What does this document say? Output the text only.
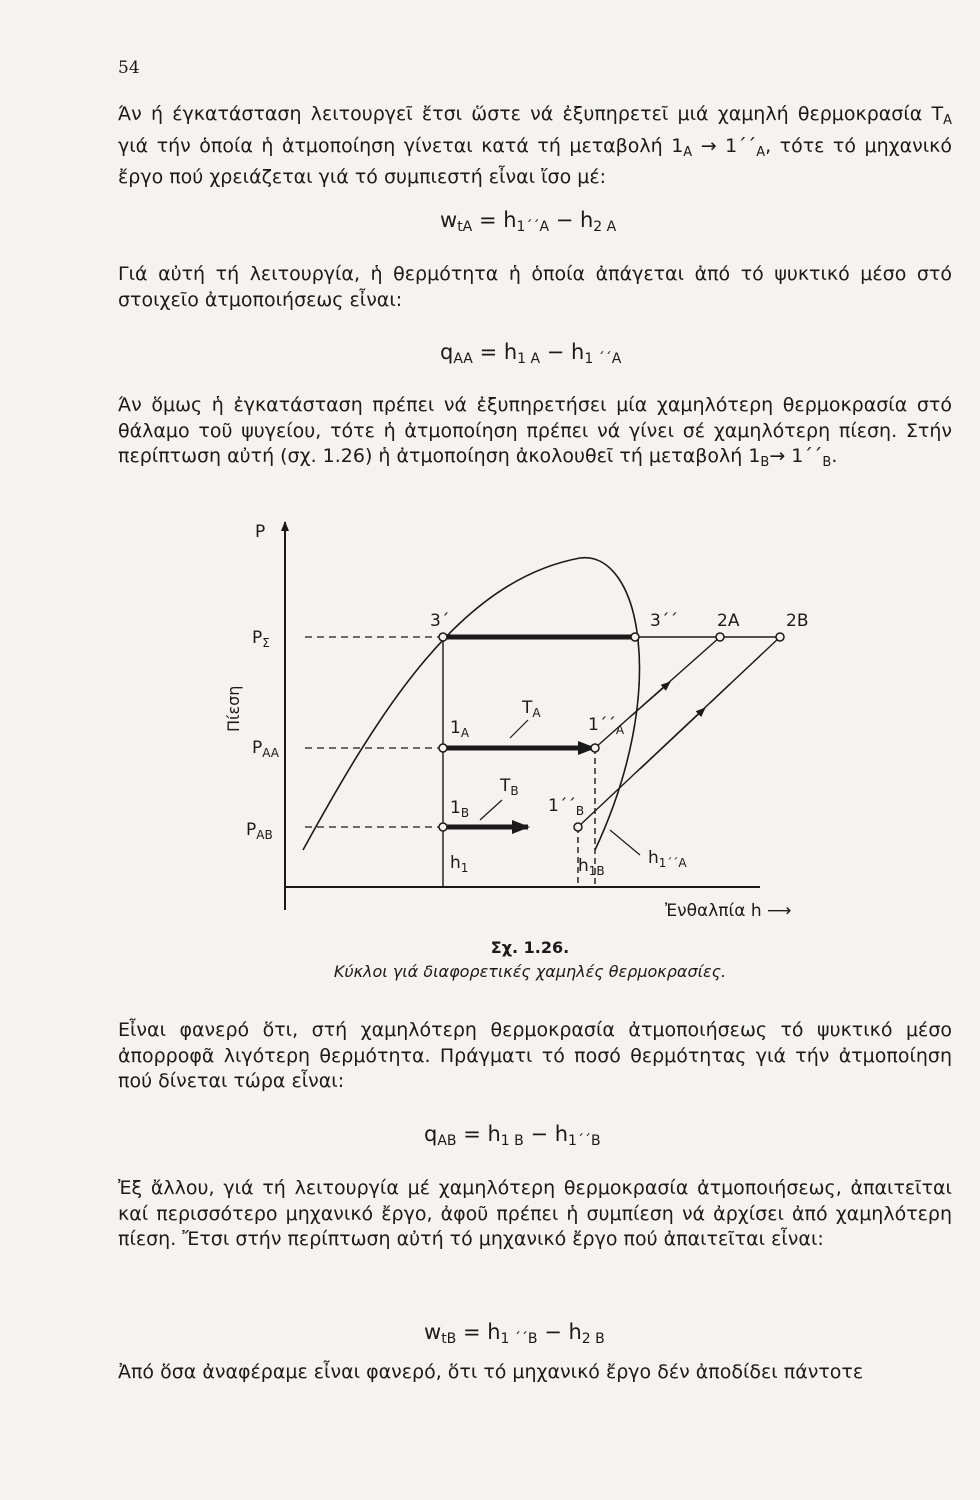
54

Άν ή έγκατάσταση λειτουργεῖ ἔτσι ὥστε νά ἐξυπηρετεῖ μιά χαμηλή θερμοκρασία $T_A$ γιά τήν ὁποία ἡ ἀτμοποίηση γίνεται κατά τή μεταβολή $1_A \to 1΄΄_A$, τότε τό μηχανικό ἔργο πού χρειάζεται γιά τό συμπιεστή εἶναι ἴσο μέ:

$w_{tA} = h_{1΄΄A} - h_{2 A}$

Γιά αὐτή τή λειτουργία, ἡ θερμότητα ἡ ὁποία ἀπάγεται ἀπό τό ψυκτικό μέσο στό στοιχεῖο ἀτμοποιήσεως εἶναι:

$q_{AA} = h_{1 A} - h_{1 ΄΄A}$

Άν ὅμως ἡ ἐγκατάσταση πρέπει νά ἐξυπηρετήσει μία χαμηλότερη θερμοκρασία στό θάλαμο τοῦ ψυγείου, τότε ἡ ἀτμοποίηση πρέπει νά γίνει σέ χαμηλότερη πίεση. Στήν περίπτωση αὐτή (σχ. 1.26) ἡ ἀτμοποίηση ἀκολουθεῖ τή μεταβολή $1_B\to 1΄΄_B$.

P
Πίεση
$P_\Sigma$
$P_{AA}$
$P_{AB}$
3΄	3΄΄ 2A	2B
$1_A$	$1΄΄_A$
$1_B$	$1΄΄_B$
$T_A$
$T_B$
$h_1$	$h_{1B}$
$h_{1΄΄A}$
Ἐνθαλπία h ⟶

Σχ. 1.26.

Κύκλοι γιά διαφορετικές χαμηλές θερμοκρασίες.

Εἶναι φανερό ὅτι, στή χαμηλότερη θερμοκρασία ἀτμοποιήσεως τό ψυκτικό μέσο ἀπορροφᾶ λιγότερη θερμότητα. Πράγματι τό ποσό θερμότητας γιά τήν ἀτμοποίηση πού δίνεται τώρα εἶναι:

$q_{AB} = h_{1 B} - h_{1΄΄B}$

Ἐξ ἄλλου, γιά τή λειτουργία μέ χαμηλότερη θερμοκρασία ἀτμοποιήσεως, ἀπαιτεῖται καί περισσότερο μηχανικό ἔργο, ἀφοῦ πρέπει ἡ συμπίεση νά ἀρχίσει ἀπό χαμηλότερη πίεση. Ἔτσι στήν περίπτωση αὐτή τό μηχανικό ἔργο πού ἀπαιτεῖται εἶναι:

$w_{tB} = h_{1 ΄΄B} - h_{2 B}$

Ἀπό ὅσα ἀναφέραμε εἶναι φανερό, ὅτι τό μηχανικό ἔργο δέν ἀποδίδει πάντοτε
